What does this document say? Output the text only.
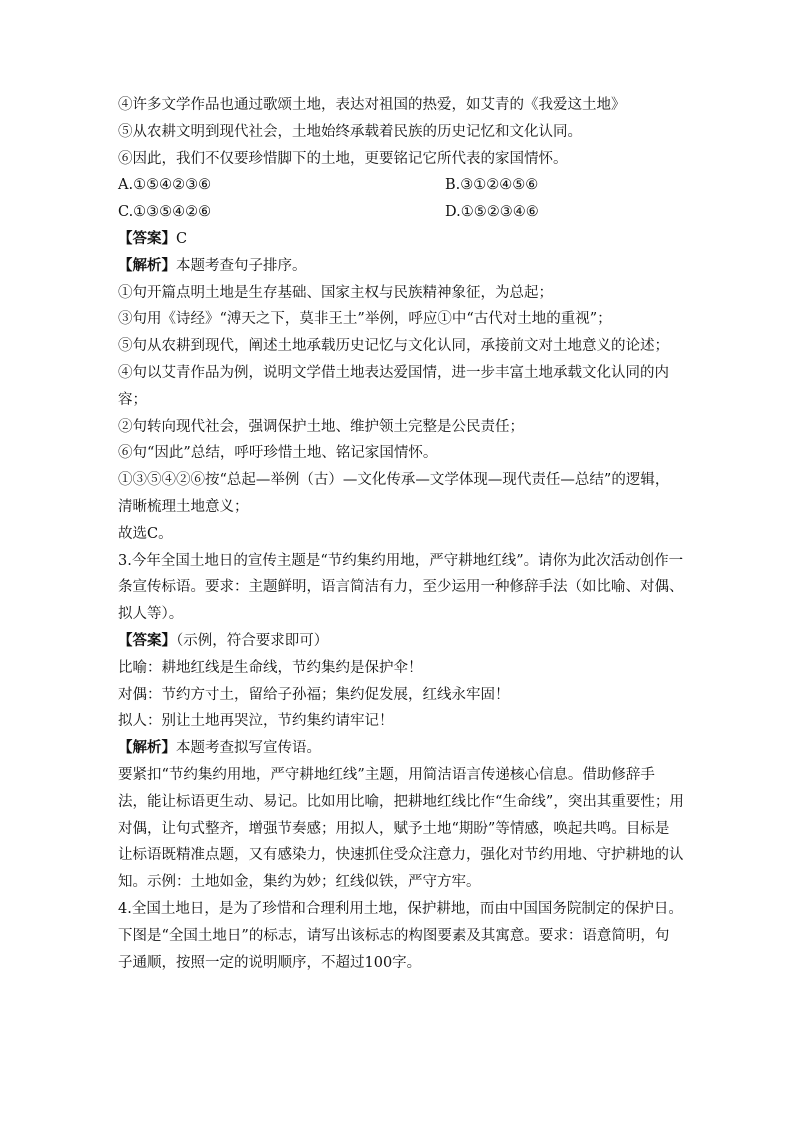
④许多文学作品也通过歌颂土地，表达对祖国的热爱，如艾青的《我爱这土地》
⑤从农耕文明到现代社会，土地始终承载着民族的历史记忆和文化认同。
⑥因此，我们不仅要珍惜脚下的土地，更要铭记它所代表的家国情怀。
A.①⑤④②③⑥	B.③①②④⑤⑥
C.①③⑤④②⑥	D.①⑤②③④⑥
【答案】C
【解析】本题考查句子排序。
①句开篇点明土地是生存基础、国家主权与民族精神象征，为总起；
③句用《诗经》“溥天之下，莫非王土”举例，呼应①中“古代对土地的重视”；
⑤句从农耕到现代，阐述土地承载历史记忆与文化认同，承接前文对土地意义的论述；
④句以艾青作品为例，说明文学借土地表达爱国情，进一步丰富土地承载文化认同的内
容；
②句转向现代社会，强调保护土地、维护领土完整是公民责任；
⑥句“因此”总结，呼吁珍惜土地、铭记家国情怀。
①③⑤④②⑥按“总起—举例（古）—文化传承—文学体现—现代责任—总结”的逻辑，
清晰梳理土地意义；
故选C。
3.今年全国土地日的宣传主题是“节约集约用地，严守耕地红线”。请你为此次活动创作一
条宣传标语。要求：主题鲜明，语言简洁有力，至少运用一种修辞手法（如比喻、对偶、
拟人等）。
【答案】（示例，符合要求即可）
比喻：耕地红线是生命线，节约集约是保护伞！
对偶：节约方寸土，留给子孙福；集约促发展，红线永牢固！
拟人：别让土地再哭泣，节约集约请牢记！
【解析】本题考查拟写宣传语。
要紧扣“节约集约用地，严守耕地红线”主题，用简洁语言传递核心信息。借助修辞手
法，能让标语更生动、易记。比如用比喻，把耕地红线比作“生命线”，突出其重要性；用
对偶，让句式整齐，增强节奏感；用拟人，赋予土地“期盼”等情感，唤起共鸣。目标是
让标语既精准点题，又有感染力，快速抓住受众注意力，强化对节约用地、守护耕地的认
知。示例：土地如金，集约为妙；红线似铁，严守方牢。
4.全国土地日，是为了珍惜和合理利用土地，保护耕地，而由中国国务院制定的保护日。
下图是“全国土地日”的标志，请写出该标志的构图要素及其寓意。要求：语意简明，句
子通顺，按照一定的说明顺序，不超过100字。
